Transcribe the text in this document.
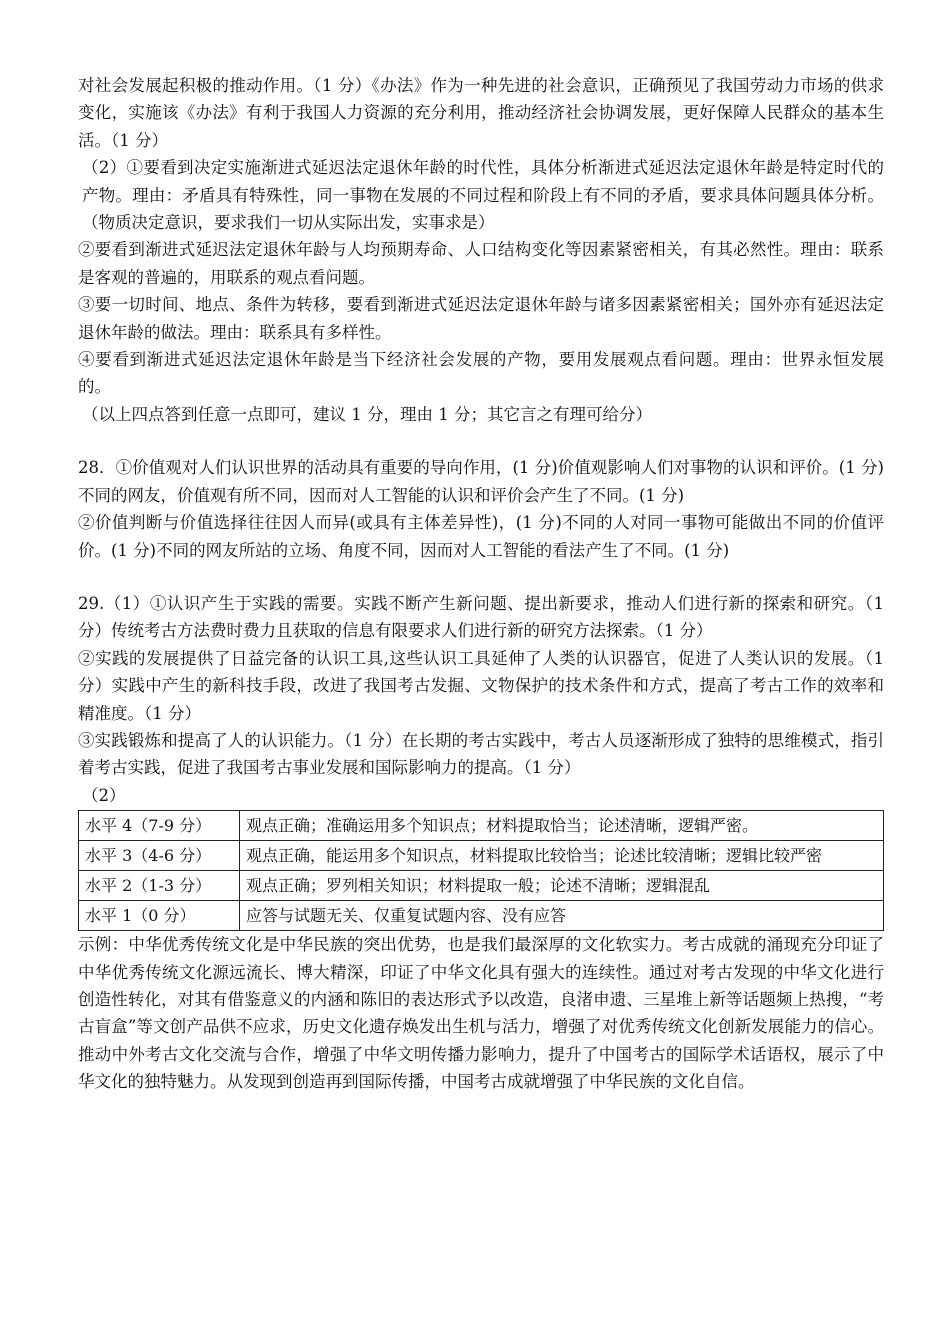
对社会发展起积极的推动作用。（1 分）《办法》作为一种先进的社会意识，正确预见了我国劳动力市场的供求变化，实施该《办法》有利于我国人力资源的充分利用，推动经济社会协调发展，更好保障人民群众的基本生活。（1 分）

（2）①要看到决定实施渐进式延迟法定退休年龄的时代性，具体分析渐进式延迟法定退休年龄是特定时代的产物。理由：矛盾具有特殊性，同一事物在发展的不同过程和阶段上有不同的矛盾，要求具体问题具体分析。（物质决定意识，要求我们一切从实际出发，实事求是）

②要看到渐进式延迟法定退休年龄与人均预期寿命、人口结构变化等因素紧密相关，有其必然性。理由：联系是客观的普遍的，用联系的观点看问题。

③要一切时间、地点、条件为转移，要看到渐进式延迟法定退休年龄与诸多因素紧密相关；国外亦有延迟法定退休年龄的做法。理由：联系具有多样性。

④要看到渐进式延迟法定退休年龄是当下经济社会发展的产物，要用发展观点看问题。理由：世界永恒发展的。

（以上四点答到任意一点即可，建议 1 分，理由 1 分；其它言之有理可给分）

28．①价值观对人们认识世界的活动具有重要的导向作用，(1 分)价值观影响人们对事物的认识和评价。(1 分)不同的网友，价值观有所不同，因而对人工智能的认识和评价会产生了不同。(1 分)

②价值判断与价值选择往往因人而异(或具有主体差异性)，(1 分)不同的人对同一事物可能做出不同的价值评价。(1 分)不同的网友所站的立场、角度不同，因而对人工智能的看法产生了不同。(1 分)

29.（1）①认识产生于实践的需要。实践不断产生新问题、提出新要求，推动人们进行新的探索和研究。（1 分）传统考古方法费时费力且获取的信息有限要求人们进行新的研究方法探索。（1 分）

②实践的发展提供了日益完备的认识工具,这些认识工具延伸了人类的认识器官，促进了人类认识的发展。（1 分）实践中产生的新科技手段，改进了我国考古发掘、文物保护的技术条件和方式，提高了考古工作的效率和精准度。（1 分）

③实践锻炼和提高了人的认识能力。（1 分）在长期的考古实践中，考古人员逐渐形成了独特的思维模式，指引着考古实践，促进了我国考古事业发展和国际影响力的提高。（1 分）

（2）

水平 4（7-9 分）	观点正确；准确运用多个知识点；材料提取恰当；论述清晰，逻辑严密。
水平 3（4-6 分）	观点正确，能运用多个知识点，材料提取比较恰当；论述比较清晰；逻辑比较严密
水平 2（1-3 分）	观点正确；罗列相关知识；材料提取一般；论述不清晰；逻辑混乱
水平 1（0 分）	应答与试题无关、仅重复试题内容、没有应答

示例：中华优秀传统文化是中华民族的突出优势，也是我们最深厚的文化软实力。考古成就的涌现充分印证了中华优秀传统文化源远流长、博大精深，印证了中华文化具有强大的连续性。通过对考古发现的中华文化进行创造性转化，对其有借鉴意义的内涵和陈旧的表达形式予以改造，良渚申遗、三星堆上新等话题频上热搜，“考古盲盒”等文创产品供不应求，历史文化遗存焕发出生机与活力，增强了对优秀传统文化创新发展能力的信心。推动中外考古文化交流与合作，增强了中华文明传播力影响力，提升了中国考古的国际学术话语权，展示了中华文化的独特魅力。从发现到创造再到国际传播，中国考古成就增强了中华民族的文化自信。
